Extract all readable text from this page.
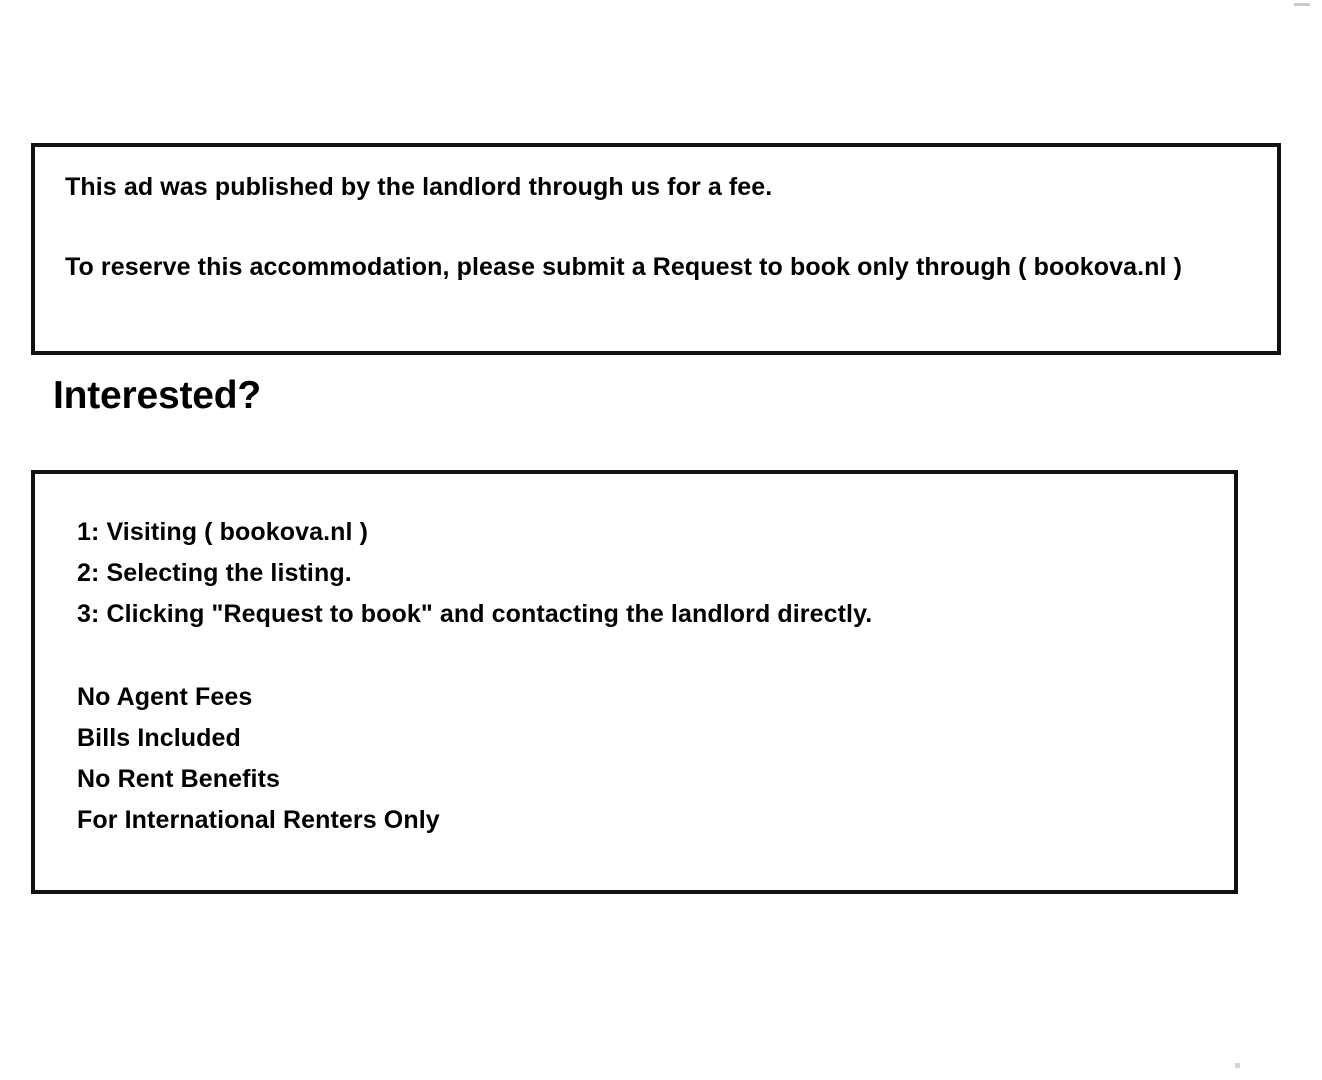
This ad was published by the landlord through us for a fee.
To reserve this accommodation, please submit a Request to book only through ( bookova.nl )
Interested?
1: Visiting ( bookova.nl )
2: Selecting the listing.
3: Clicking "Request to book" and contacting the landlord directly.
No Agent Fees
Bills Included
No Rent Benefits
For International Renters Only
